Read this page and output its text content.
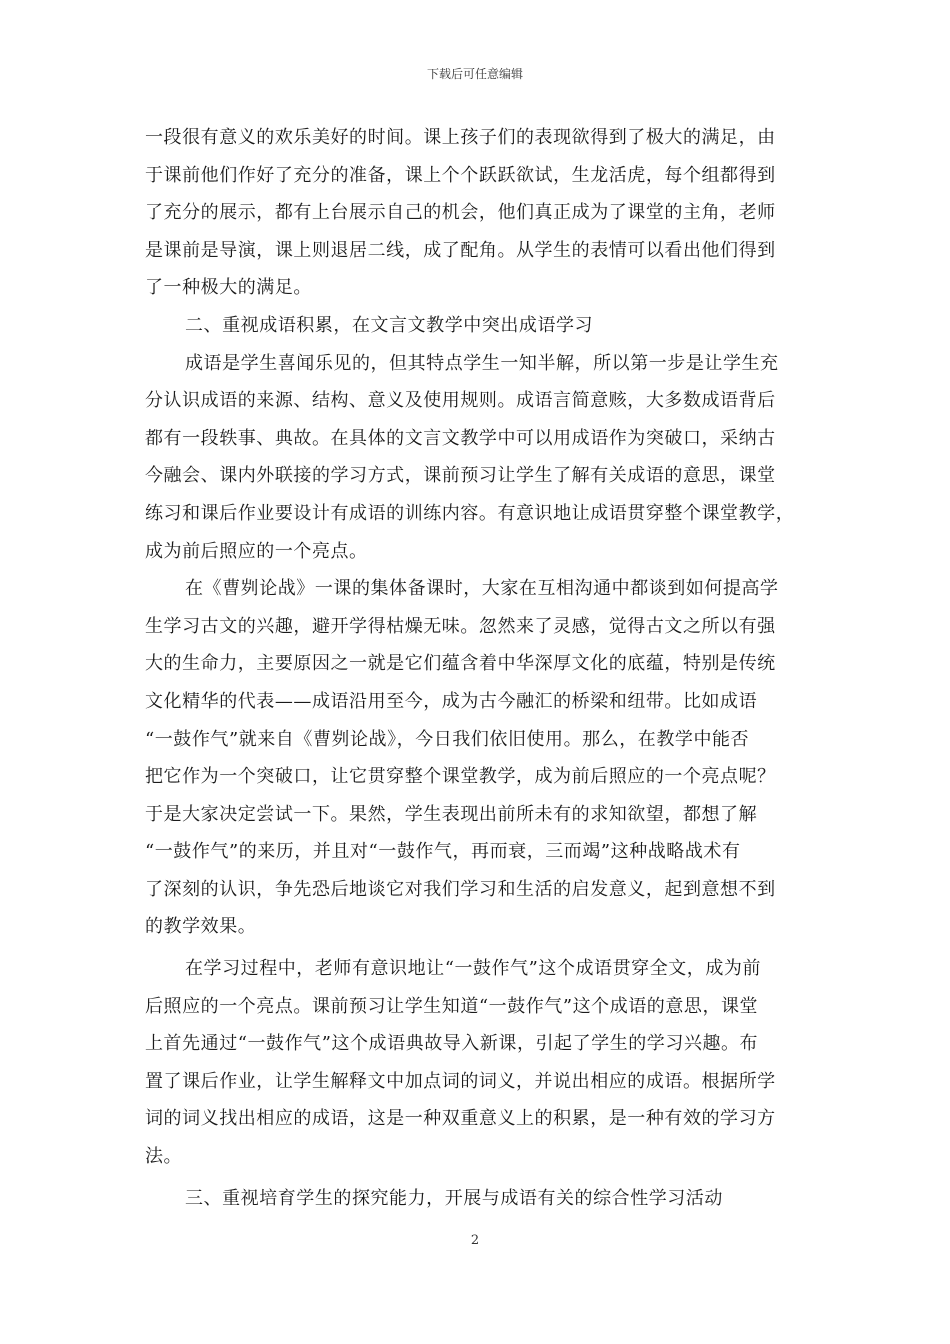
下载后可任意编辑
一段很有意义的欢乐美好的时间。课上孩子们的表现欲得到了极大的满足，由
于课前他们作好了充分的准备，课上个个跃跃欲试，生龙活虎，每个组都得到
了充分的展示，都有上台展示自己的机会，他们真正成为了课堂的主角，老师
是课前是导演，课上则退居二线，成了配角。从学生的表情可以看出他们得到
了一种极大的满足。
二、重视成语积累，在文言文教学中突出成语学习
成语是学生喜闻乐见的，但其特点学生一知半解，所以第一步是让学生充
分认识成语的来源、结构、意义及使用规则。成语言简意赅，大多数成语背后
都有一段轶事、典故。在具体的文言文教学中可以用成语作为突破口，采纳古
今融会、课内外联接的学习方式，课前预习让学生了解有关成语的意思，课堂
练习和课后作业要设计有成语的训练内容。有意识地让成语贯穿整个课堂教学，
成为前后照应的一个亮点。
在《曹刿论战》一课的集体备课时，大家在互相沟通中都谈到如何提高学
生学习古文的兴趣，避开学得枯燥无味。忽然来了灵感，觉得古文之所以有强
大的生命力，主要原因之一就是它们蕴含着中华深厚文化的底蕴，特别是传统
文化精华的代表——成语沿用至今，成为古今融汇的桥梁和纽带。比如成语
“一鼓作气”就来自《曹刿论战》，今日我们依旧使用。那么，在教学中能否
把它作为一个突破口，让它贯穿整个课堂教学，成为前后照应的一个亮点呢？
于是大家决定尝试一下。果然，学生表现出前所未有的求知欲望，都想了解
“一鼓作气”的来历，并且对“一鼓作气，再而衰，三而竭”这种战略战术有
了深刻的认识，争先恐后地谈它对我们学习和生活的启发意义，起到意想不到
的教学效果。
在学习过程中，老师有意识地让“一鼓作气”这个成语贯穿全文，成为前
后照应的一个亮点。课前预习让学生知道“一鼓作气”这个成语的意思，课堂
上首先通过“一鼓作气”这个成语典故导入新课，引起了学生的学习兴趣。布
置了课后作业，让学生解释文中加点词的词义，并说出相应的成语。根据所学
词的词义找出相应的成语，这是一种双重意义上的积累，是一种有效的学习方
法。
三、重视培育学生的探究能力，开展与成语有关的综合性学习活动
2
